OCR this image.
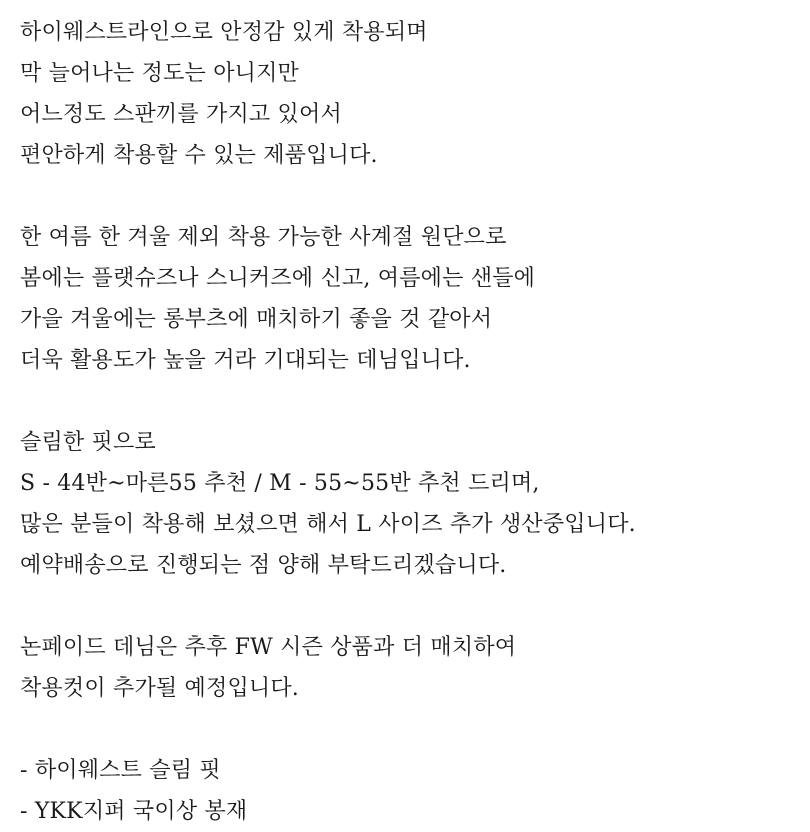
하이웨스트라인으로 안정감 있게 착용되며
막 늘어나는 정도는 아니지만
어느정도 스판끼를 가지고 있어서
편안하게 착용할 수 있는 제품입니다.
한 여름 한 겨울 제외 착용 가능한 사계절 원단으로
봄에는 플랫슈즈나 스니커즈에 신고, 여름에는 샌들에
가을 겨울에는 롱부츠에 매치하기 좋을 것 같아서
더욱 활용도가 높을 거라 기대되는 데님입니다.
슬림한 핏으로
S - 44반~마른55 추천 / M - 55~55반 추천 드리며,
많은 분들이 착용해 보셨으면 해서 L 사이즈 추가 생산중입니다.
예약배송으로 진행되는 점 양해 부탁드리겠습니다.
논페이드 데님은 추후 FW 시즌 상품과 더 매치하여
착용컷이 추가될 예정입니다.
- 하이웨스트 슬림 핏
- YKK지퍼 국이상 봉재
